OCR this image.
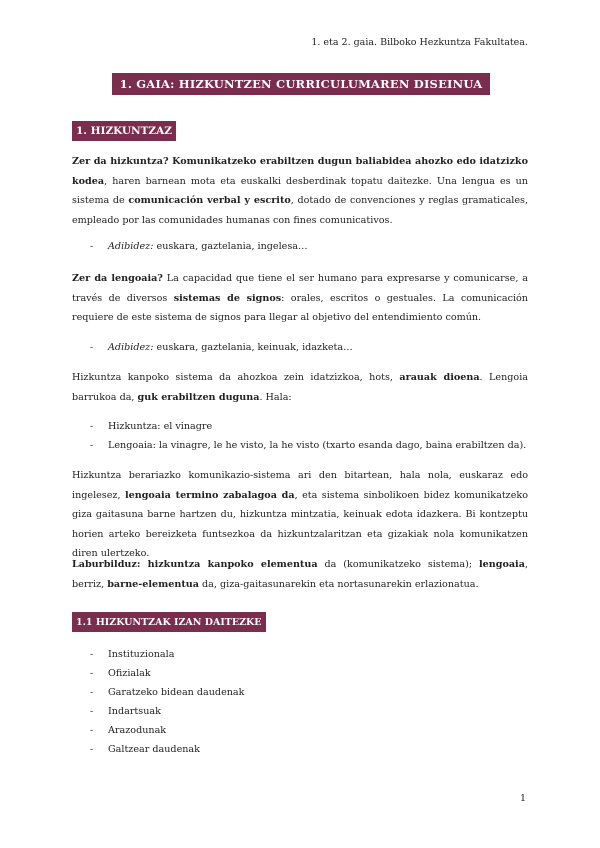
1. eta 2. gaia. Bilboko Hezkuntza Fakultatea.
1. GAIA: HIZKUNTZEN CURRICULUMAREN DISEINUA
1. HIZKUNTZAZ

Zer da hizkuntza? Komunikatzeko erabiltzen dugun baliabidea ahozko edo idatzizko kodea, haren barnean mota eta euskalki desberdinak topatu daitezke. Una lengua es un sistema de comunicación verbal y escrito, dotado de convenciones y reglas gramaticales, empleado por las comunidades humanas con fines comunicativos.

- Adibidez: euskara, gaztelania, ingelesa…

Zer da lengoaia? La capacidad que tiene el ser humano para expresarse y comunicarse, a través de diversos sistemas de signos: orales, escritos o gestuales. La comunicación requiere de este sistema de signos para llegar al objetivo del entendimiento común.

- Adibidez: euskara, gaztelania, keinuak, idazketa…

Hizkuntza kanpoko sistema da ahozkoa zein idatzizkoa, hots, arauak dioena. Lengoia barrukoa da, guk erabiltzen duguna. Hala:

- Hizkuntza: el vinagre
- Lengoaia: la vinagre, le he visto, la he visto (txarto esanda dago, baina erabiltzen da).

Hizkuntza berariazko komunikazio-sistema ari den bitartean, hala nola, euskaraz edo ingelesez, lengoaia termino zabalagoa da, eta sistema sinbolikoen bidez komunikatzeko giza gaitasuna barne hartzen du, hizkuntza mintzatia, keinuak edota idazkera. Bi kontzeptu horien arteko bereizketa funtsezkoa da hizkuntzalaritzan eta gizakiak nola komunikatzen diren ulertzeko.

Laburbilduz: hizkuntza kanpoko elementua da (komunikatzeko sistema); lengoaia, berriz, barne-elementua da, giza-gaitasunarekin eta nortasunarekin erlazionatua.

1.1 HIZKUNTZAK IZAN DAITEZKE
- Instituzionala
- Ofizialak
- Garatzeko bidean daudenak
- Indartsuak
- Arazodunak
- Galtzear daudenak
1
